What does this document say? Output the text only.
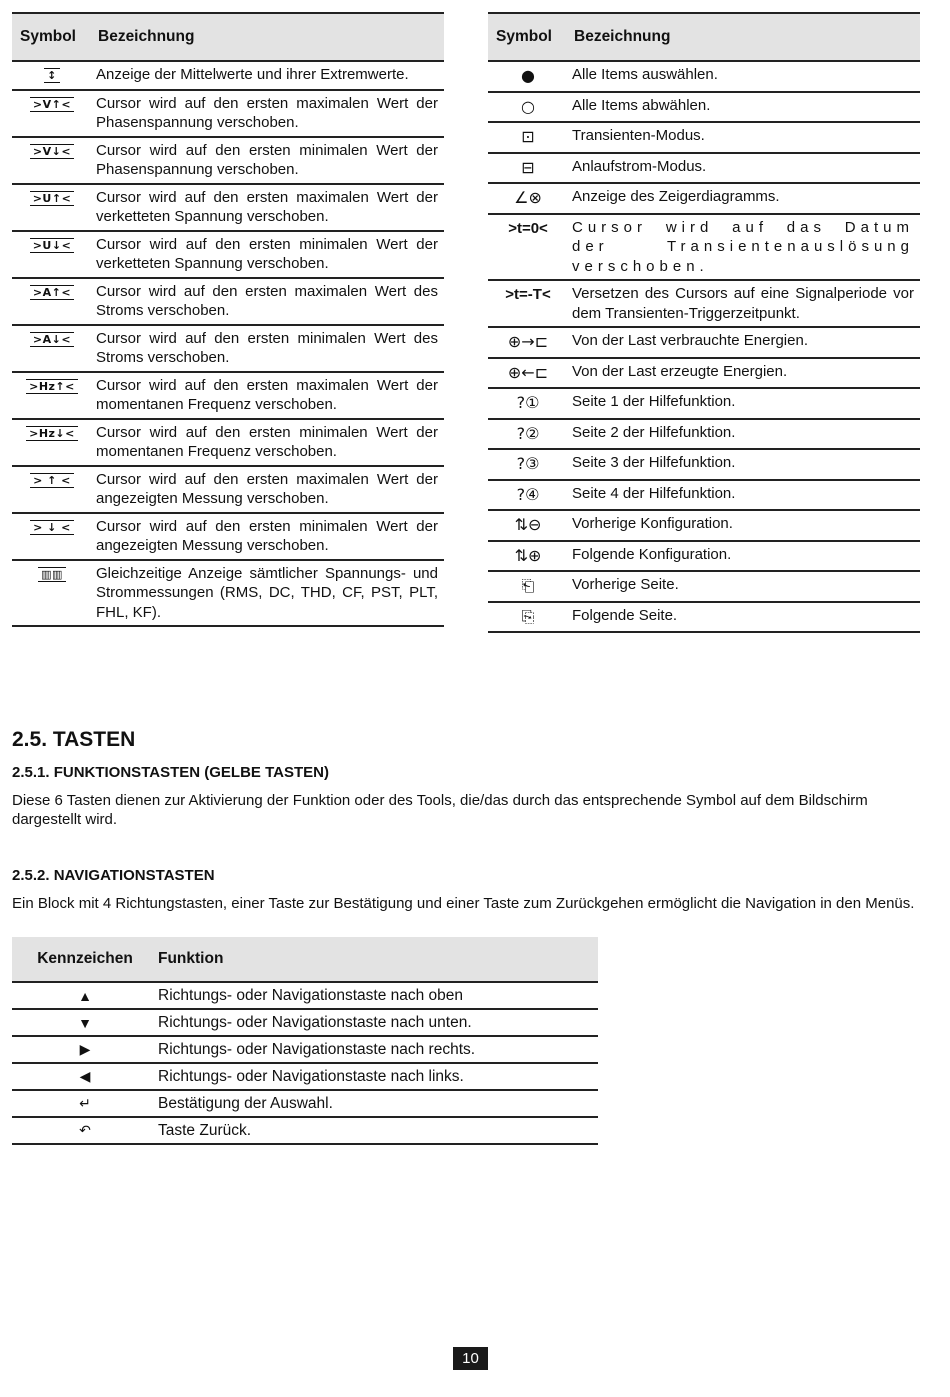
Symbol	Bezeichnung
↕	Anzeige der Mittelwerte und ihrer Extremwerte.
>V↑<	Cursor wird auf den ersten maximalen Wert der Phasenspannung verschoben.
>V↓<	Cursor wird auf den ersten minimalen Wert der Phasenspannung verschoben.
>U↑<	Cursor wird auf den ersten maximalen Wert der verketteten Spannung verschoben.
>U↓<	Cursor wird auf den ersten minimalen Wert der verketteten Spannung verschoben.
>A↑<	Cursor wird auf den ersten maximalen Wert des Stroms verschoben.
>A↓<	Cursor wird auf den ersten minimalen Wert des Stroms verschoben.
>Hz↑<	Cursor wird auf den ersten maximalen Wert der momentanen Frequenz verschoben.
>Hz↓<	Cursor wird auf den ersten minimalen Wert der momentanen Frequenz verschoben.
> ↑ <	Cursor wird auf den ersten maximalen Wert der angezeigten Messung verschoben.
> ↓ <	Cursor wird auf den ersten minimalen Wert der angezeigten Messung verschoben.
▥▥	Gleichzeitige Anzeige sämtlicher Spannungs- und Strommessungen (RMS, DC, THD, CF, PST, PLT, FHL, KF).
Symbol	Bezeichnung
●	Alle Items auswählen.
○	Alle Items abwählen.
⊡	Transienten-Modus.
⊟	Anlaufstrom-Modus.
∠⊗	Anzeige des Zeigerdiagramms.
>t=0<	Cursor wird auf das Datum der Transientenauslösung verschoben.
>t=-T<	Versetzen des Cursors auf eine Signalperiode vor dem Transienten-Triggerzeitpunkt.
⊕→⊏	Von der Last verbrauchte Energien.
⊕←⊏	Von der Last erzeugte Energien.
?①	Seite 1 der Hilfefunktion.
?②	Seite 2 der Hilfefunktion.
?③	Seite 3 der Hilfefunktion.
?④	Seite 4 der Hilfefunktion.
⇅⊖	Vorherige Konfiguration.
⇅⊕	Folgende Konfiguration.
⎗	Vorherige Seite.
⎘	Folgende Seite.
2.5. TASTEN
2.5.1. FUNKTIONSTASTEN (GELBE TASTEN)

Diese 6 Tasten dienen zur Aktivierung der Funktion oder des Tools, die/das durch das entsprechende Symbol auf dem Bildschirm dargestellt wird.

2.5.2. NAVIGATIONSTASTEN

Ein Block mit 4 Richtungstasten, einer Taste zur Bestätigung und einer Taste zum Zurückgehen ermöglicht die Navigation in den Menüs.

Kennzeichen	Funktion
▲	Richtungs- oder Navigationstaste nach oben
▼	Richtungs- oder Navigationstaste nach unten.
▶	Richtungs- oder Navigationstaste nach rechts.
◀	Richtungs- oder Navigationstaste nach links.
↵	Bestätigung der Auswahl.
↶	Taste Zurück.
10
